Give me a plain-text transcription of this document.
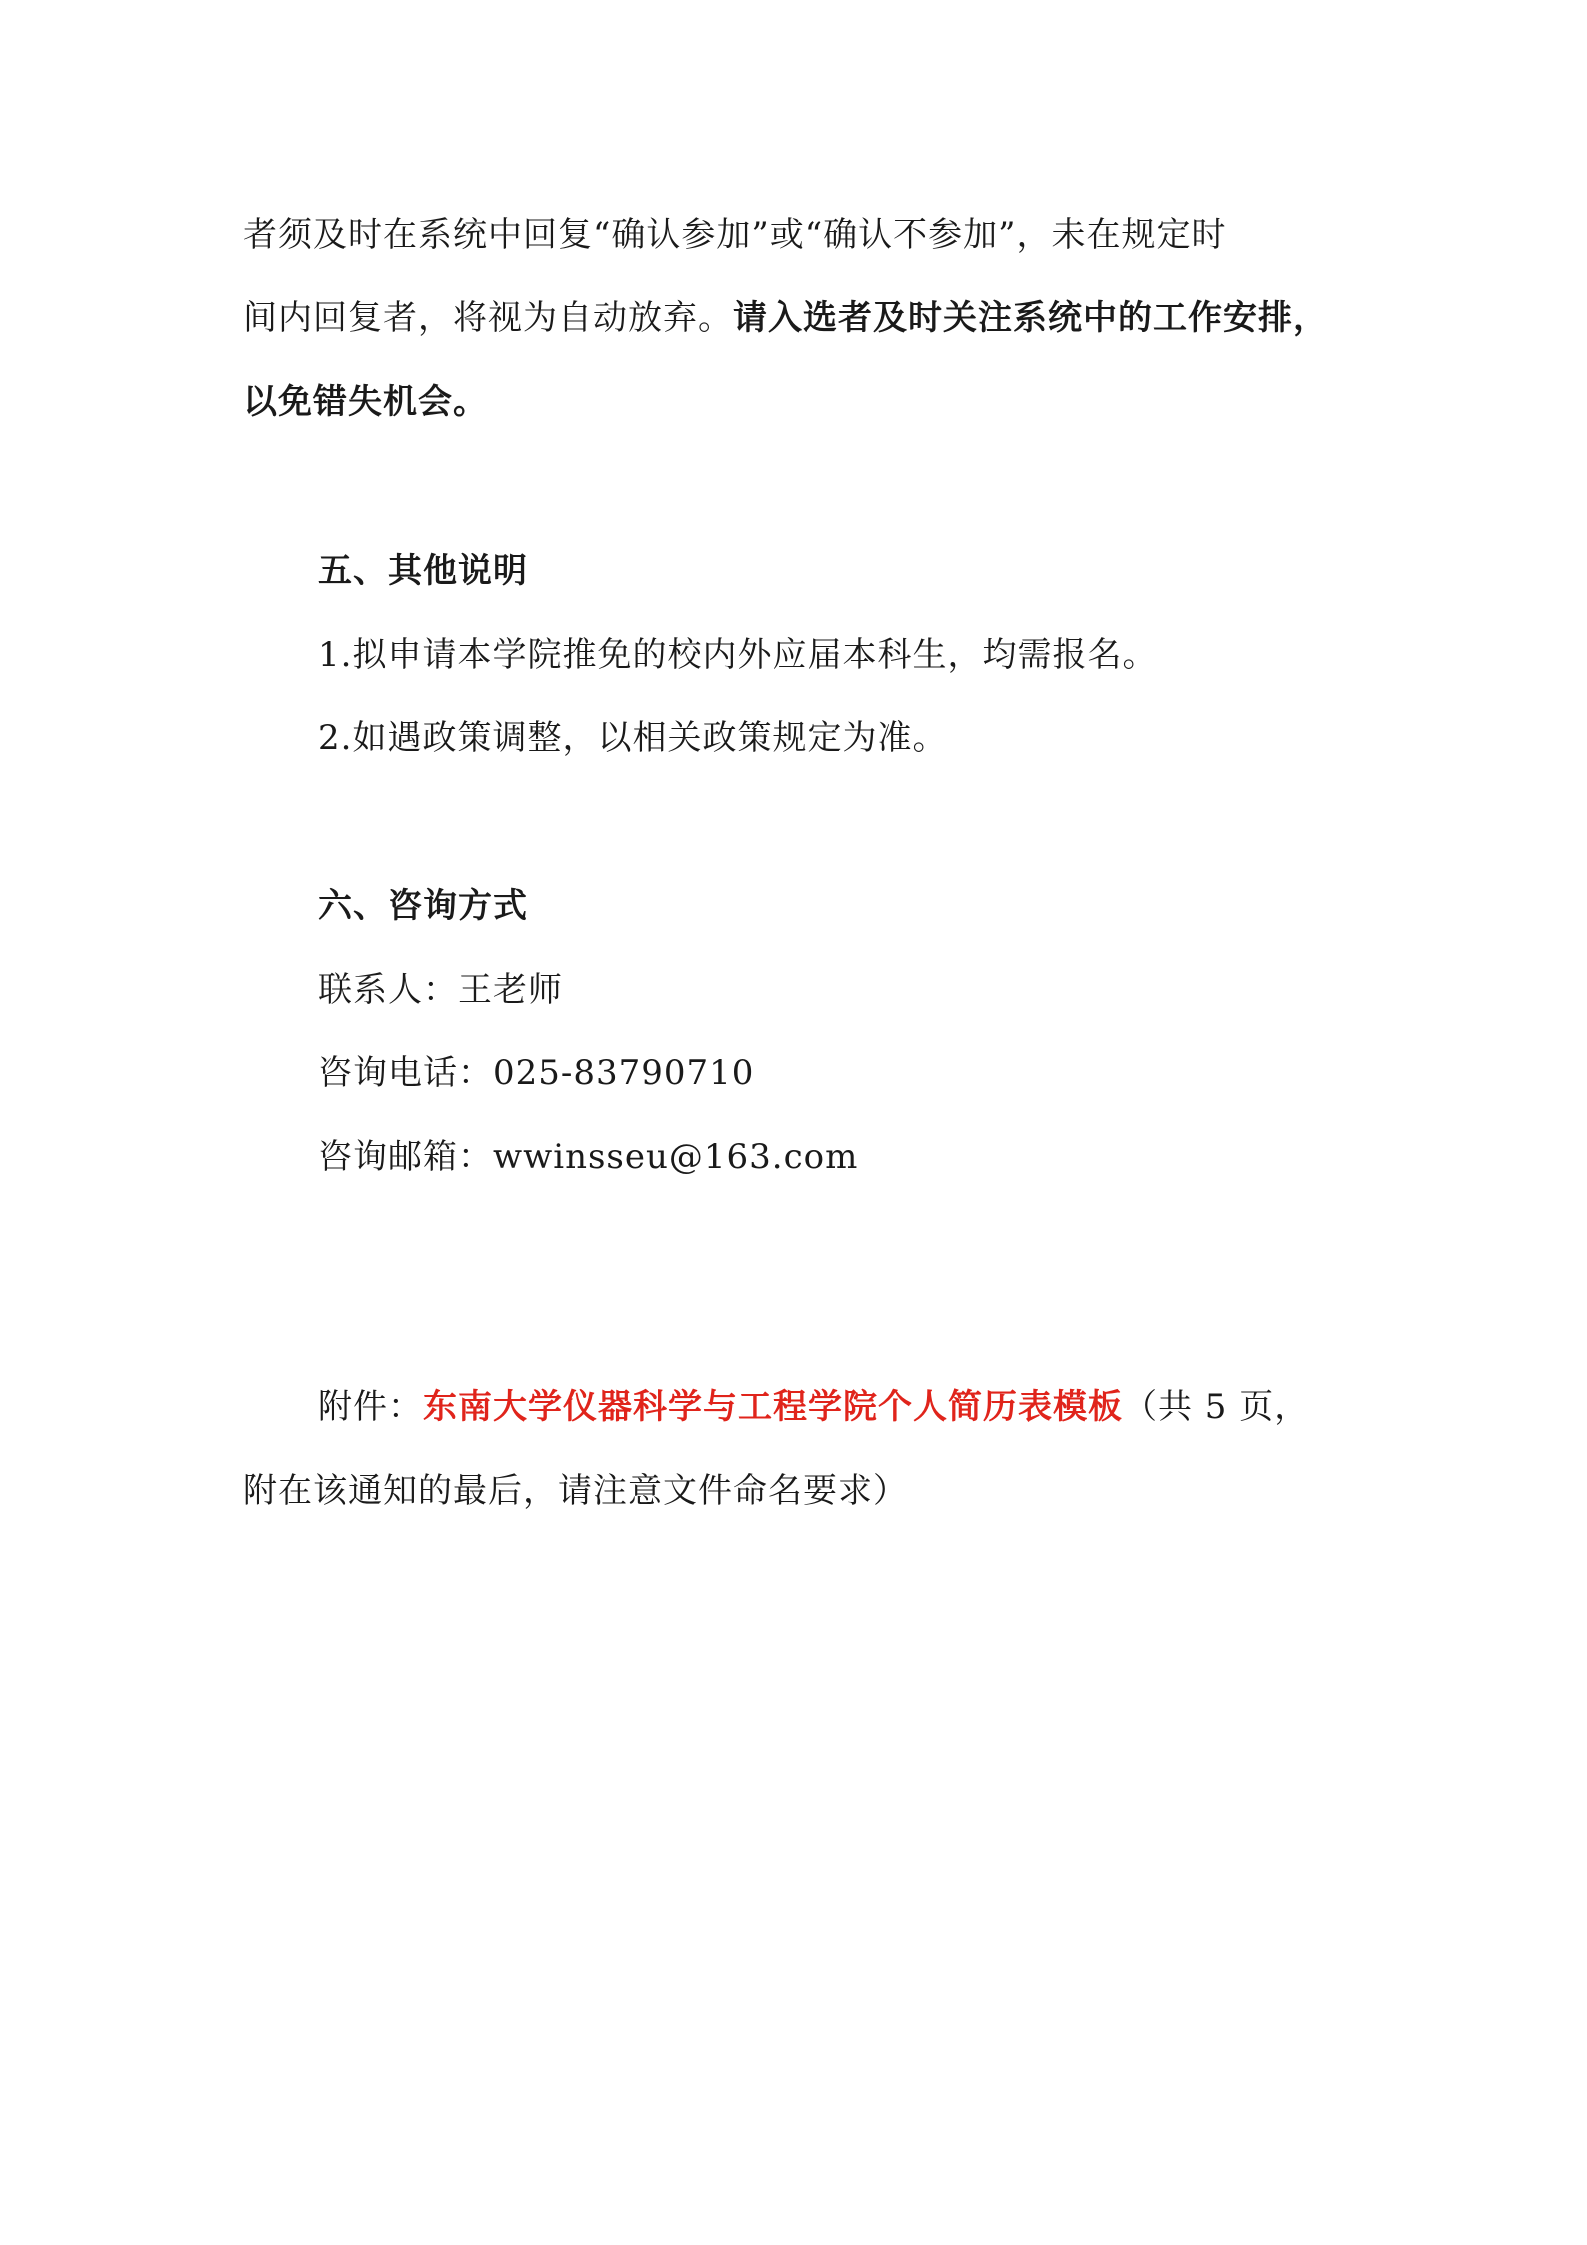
者须及时在系统中回复“确认参加”或“确认不参加”，未在规定时
间内回复者，将视为自动放弃。请入选者及时关注系统中的工作安排，
以免错失机会。
五、其他说明
1.拟申请本学院推免的校内外应届本科生，均需报名。
2.如遇政策调整，以相关政策规定为准。
六、咨询方式
联系人：王老师
咨询电话：025-83790710
咨询邮箱：wwinsseu@163.com
附件：东南大学仪器科学与工程学院个人简历表模板（共 5 页，
附在该通知的最后，请注意文件命名要求）
